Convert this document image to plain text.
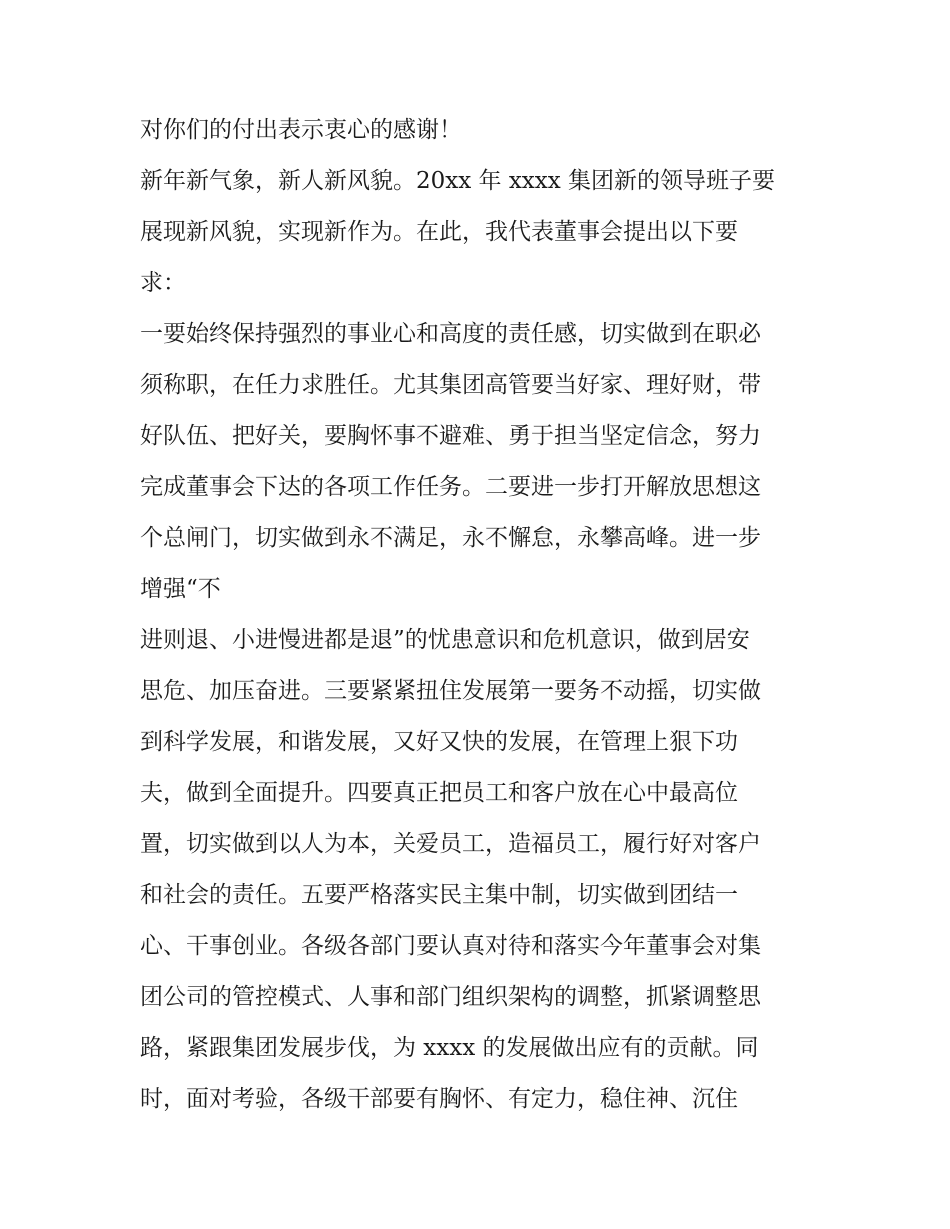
对你们的付出表示衷心的感谢！
新年新气象，新人新风貌。20xx 年 xxxx 集团新的领导班子要
展现新风貌，实现新作为。在此，我代表董事会提出以下要
求：
一要始终保持强烈的事业心和高度的责任感，切实做到在职必
须称职，在任力求胜任。尤其集团高管要当好家、理好财，带
好队伍、把好关，要胸怀事不避难、勇于担当坚定信念，努力
完成董事会下达的各项工作任务。二要进一步打开解放思想这
个总闸门，切实做到永不满足，永不懈怠，永攀高峰。进一步
增强“不
进则退、小进慢进都是退”的忧患意识和危机意识，做到居安
思危、加压奋进。三要紧紧扭住发展第一要务不动摇，切实做
到科学发展，和谐发展，又好又快的发展，在管理上狠下功
夫，做到全面提升。四要真正把员工和客户放在心中最高位
置，切实做到以人为本，关爱员工，造福员工，履行好对客户
和社会的责任。五要严格落实民主集中制，切实做到团结一
心、干事创业。各级各部门要认真对待和落实今年董事会对集
团公司的管控模式、人事和部门组织架构的调整，抓紧调整思
路，紧跟集团发展步伐，为 xxxx 的发展做出应有的贡献。同
时，面对考验，各级干部要有胸怀、有定力，稳住神、沉住
